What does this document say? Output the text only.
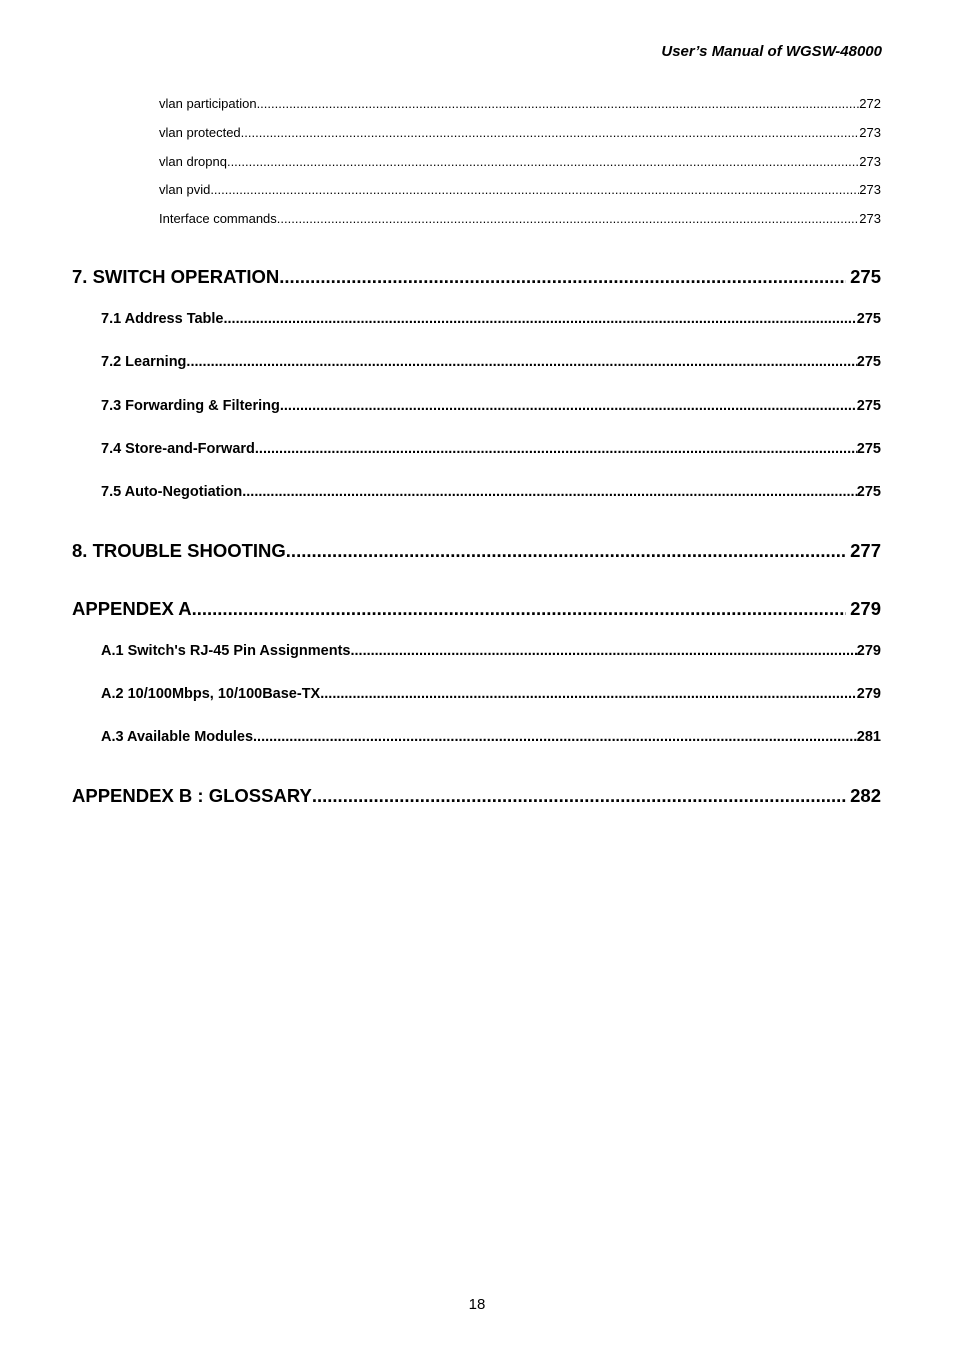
User’s Manual of WGSW-48000
vlan participation .....	272
vlan protected .....	273
vlan dropnq .....	273
vlan pvid .....	273
Interface commands .....	273
7. SWITCH OPERATION .....	275
7.1 Address Table .....	275
7.2 Learning .....	275
7.3 Forwarding & Filtering .....	275
7.4 Store-and-Forward .....	275
7.5 Auto-Negotiation .....	275
8. TROUBLE SHOOTING .....	277
APPENDEX A .....	279
A.1 Switch's RJ-45 Pin Assignments .....	279
A.2 10/100Mbps, 10/100Base-TX .....	279
A.3 Available Modules .....	281
APPENDEX B : GLOSSARY .....	282
18
